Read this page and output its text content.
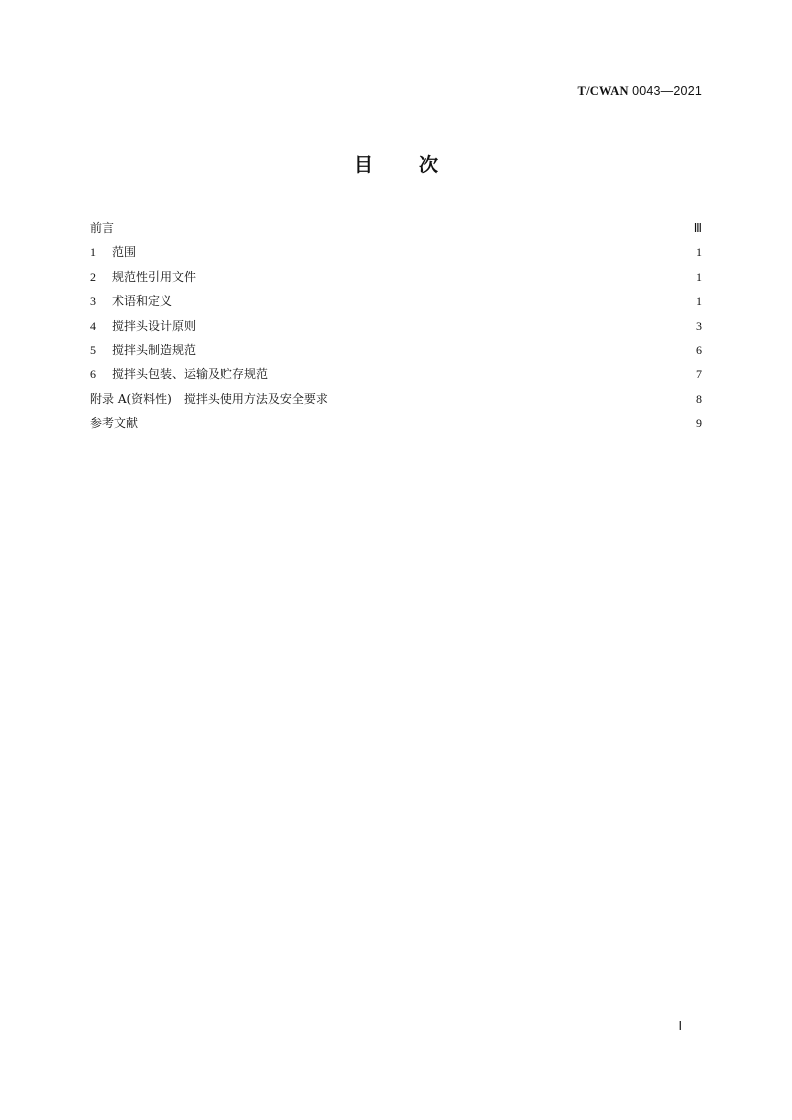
T/CWAN 0043—2021
目 次
前言	Ⅲ
1	范围	1
2	规范性引用文件	1
3	术语和定义	1
4	搅拌头设计原则	3
5	搅拌头制造规范	6
6	搅拌头包装、运输及贮存规范	7
附录 A(资料性)　搅拌头使用方法及安全要求	8
参考文献	9
Ⅰ
